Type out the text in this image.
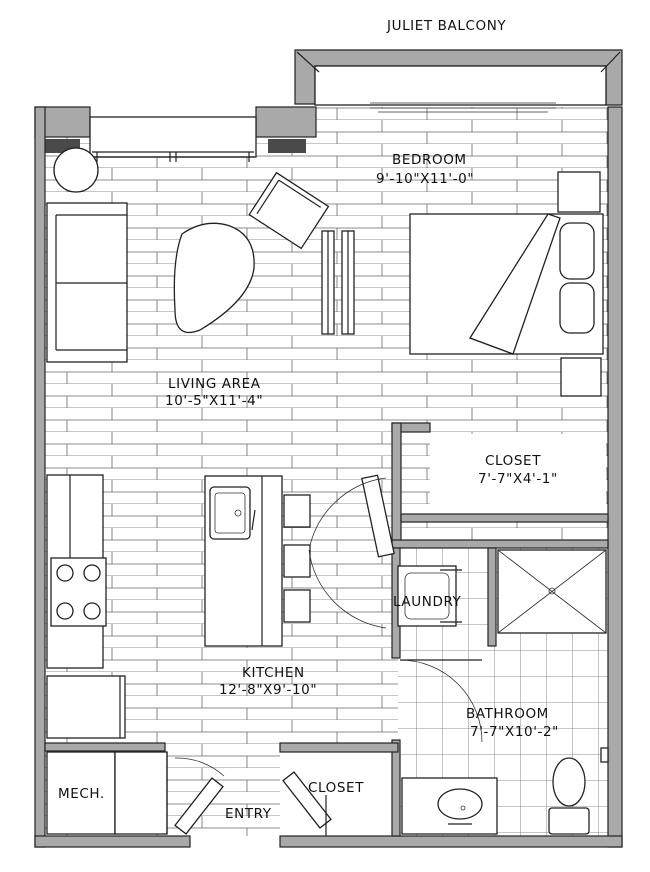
JULIET BALCONY
BEDROOM
9'-10"X11'-0"
LIVING AREA
10'-5"X11'-4"
CLOSET
7'-7"X4'-1"
LAUNDRY
KITCHEN
12'-8"X9'-10"
BATHROOM
7'-7"X10'-2"
MECH.	CLOSET
ENTRY
